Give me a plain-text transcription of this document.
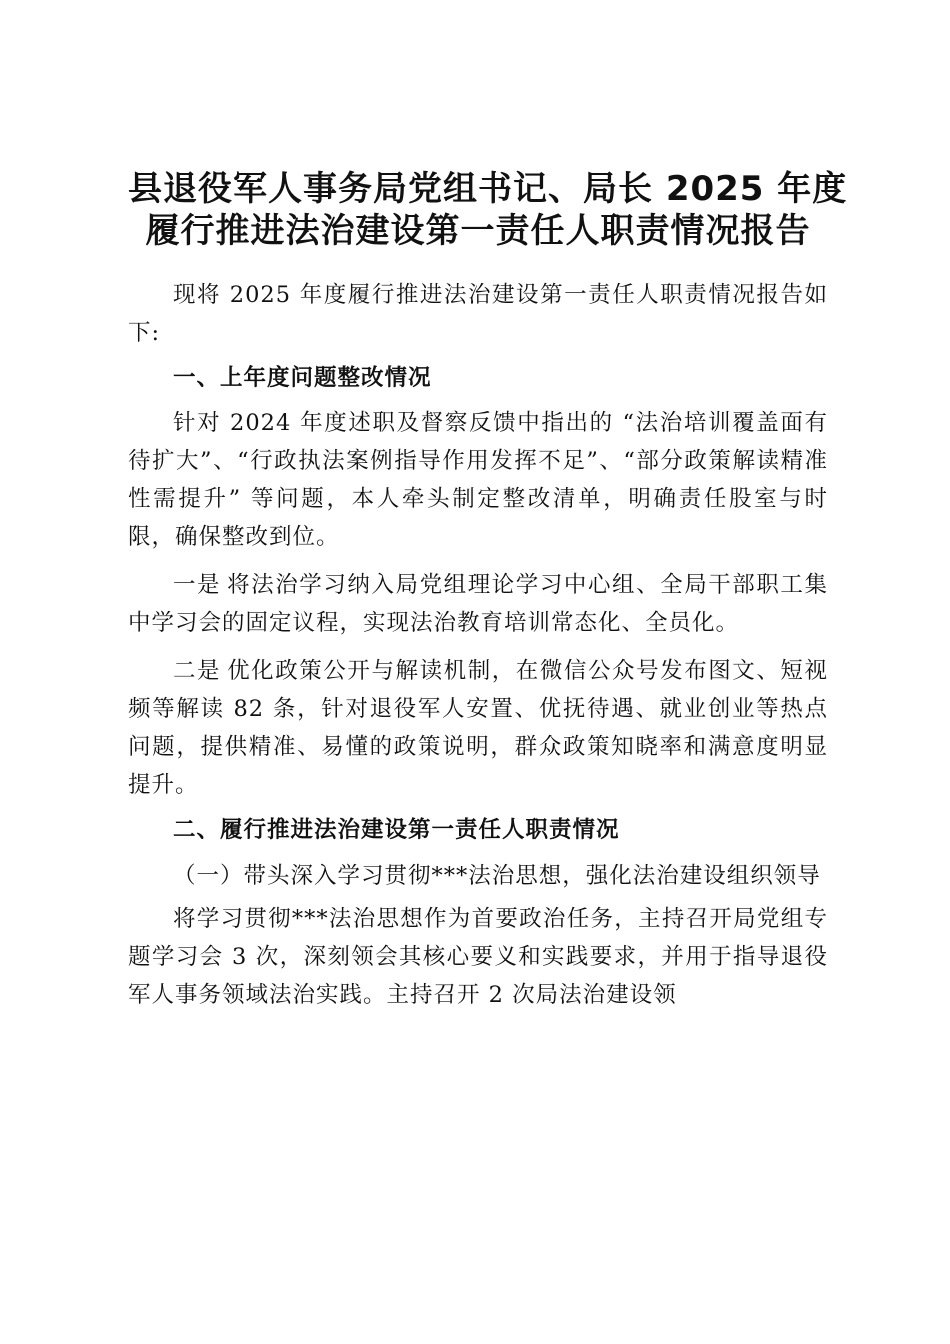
县退役军人事务局党组书记、局长 2025 年度
履行推进法治建设第一责任人职责情况报告

现将 2025 年度履行推进法治建设第一责任人职责情况报告如下:

一、上年度问题整改情况

针对 2024 年度述职及督察反馈中指出的 “法治培训覆盖面有待扩大”、“行政执法案例指导作用发挥不足”、“部分政策解读精准性需提升” 等问题，本人牵头制定整改清单，明确责任股室与时限，确保整改到位。

一是 将法治学习纳入局党组理论学习中心组、全局干部职工集中学习会的固定议程，实现法治教育培训常态化、全员化。

二是 优化政策公开与解读机制，在微信公众号发布图文、短视频等解读 82 条，针对退役军人安置、优抚待遇、就业创业等热点问题，提供精准、易懂的政策说明，群众政策知晓率和满意度明显提升。

二、履行推进法治建设第一责任人职责情况
（一）带头深入学习贯彻***法治思想，强化法治建设组织领导

将学习贯彻***法治思想作为首要政治任务，主持召开局党组专题学习会 3 次，深刻领会其核心要义和实践要求，并用于指导退役军人事务领域法治实践。主持召开 2 次局法治建设领
